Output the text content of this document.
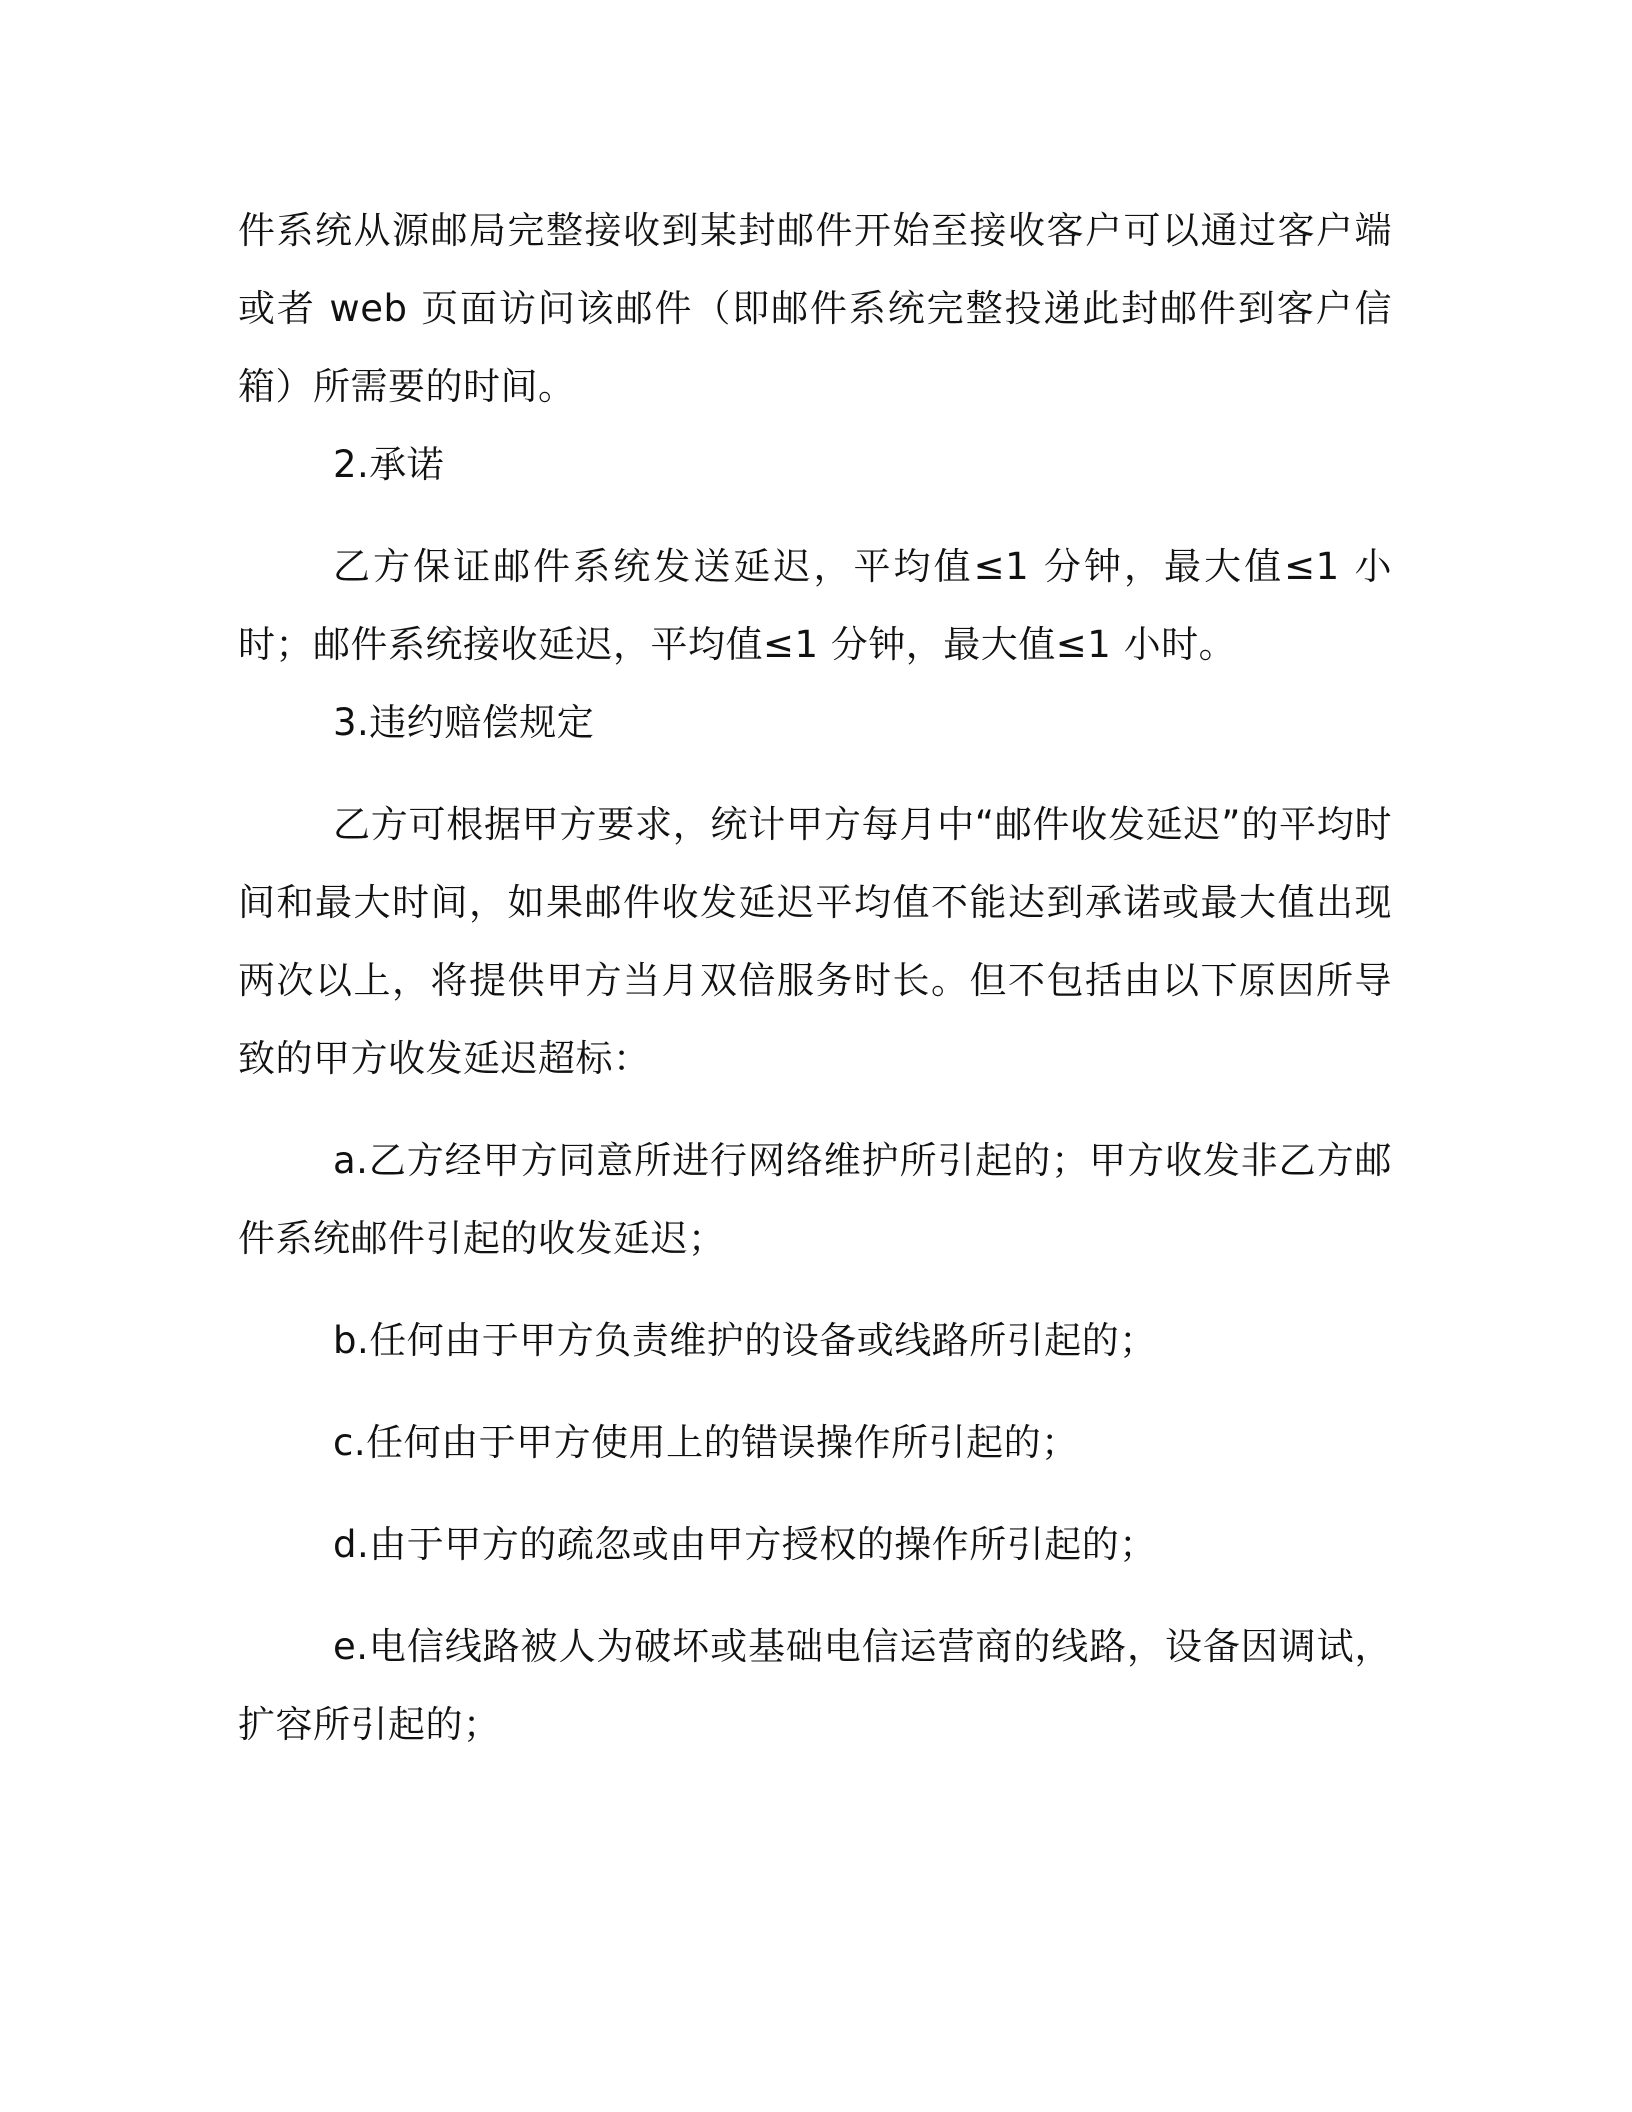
件系统从源邮局完整接收到某封邮件开始至接收客户可以通过客户端或者 web 页面访问该邮件（即邮件系统完整投递此封邮件到客户信箱）所需要的时间。

2.承诺

乙方保证邮件系统发送延迟，平均值≤1 分钟，最大值≤1 小时；邮件系统接收延迟，平均值≤1 分钟，最大值≤1 小时。

3.违约赔偿规定

乙方可根据甲方要求，统计甲方每月中“邮件收发延迟”的平均时间和最大时间，如果邮件收发延迟平均值不能达到承诺或最大值出现两次以上，将提供甲方当月双倍服务时长。但不包括由以下原因所导致的甲方收发延迟超标：

a.乙方经甲方同意所进行网络维护所引起的；甲方收发非乙方邮件系统邮件引起的收发延迟；

b.任何由于甲方负责维护的设备或线路所引起的；

c.任何由于甲方使用上的错误操作所引起的；

d.由于甲方的疏忽或由甲方授权的操作所引起的；

e.电信线路被人为破坏或基础电信运营商的线路，设备因调试，扩容所引起的；
